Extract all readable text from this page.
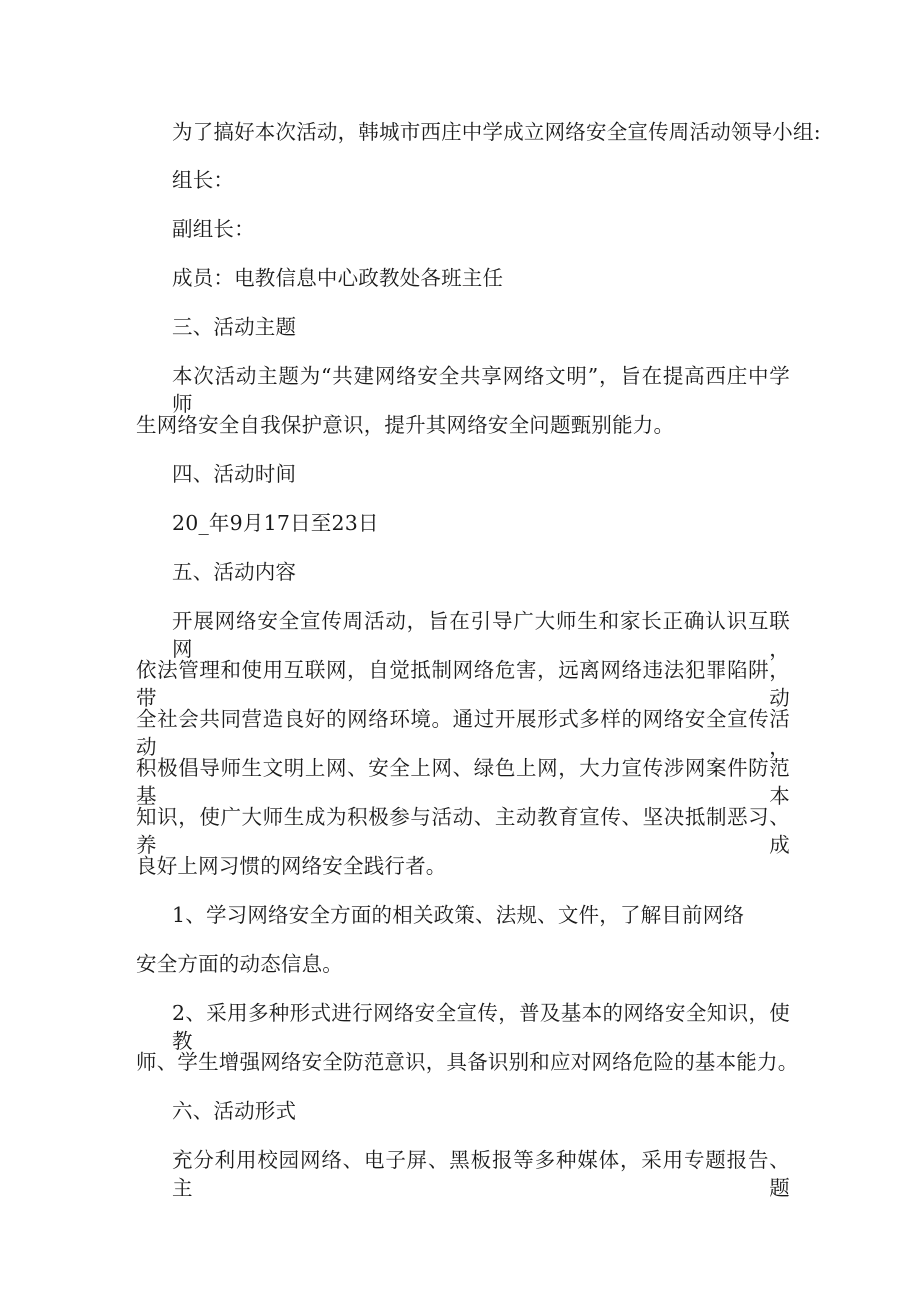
为了搞好本次活动，韩城市西庄中学成立网络安全宣传周活动领导小组:
组长：
副组长：
成员：电教信息中心政教处各班主任
三、活动主题
本次活动主题为“共建网络安全共享网络文明”，旨在提高西庄中学师
生网络安全自我保护意识，提升其网络安全问题甄别能力。
四、活动时间
20_年9月17日至23日
五、活动内容
开展网络安全宣传周活动，旨在引导广大师生和家长正确认识互联网，
依法管理和使用互联网，自觉抵制网络危害，远离网络违法犯罪陷阱，带动
全社会共同营造良好的网络环境。通过开展形式多样的网络安全宣传活动，
积极倡导师生文明上网、安全上网、绿色上网，大力宣传涉网案件防范基本
知识，使广大师生成为积极参与活动、主动教育宣传、坚决抵制恶习、养成
良好上网习惯的网络安全践行者。
1、学习网络安全方面的相关政策、法规、文件，了解目前网络
安全方面的动态信息。
2、采用多种形式进行网络安全宣传，普及基本的网络安全知识，使教
师、学生增强网络安全防范意识，具备识别和应对网络危险的基本能力。
六、活动形式
充分利用校园网络、电子屏、黑板报等多种媒体，采用专题报告、主题
